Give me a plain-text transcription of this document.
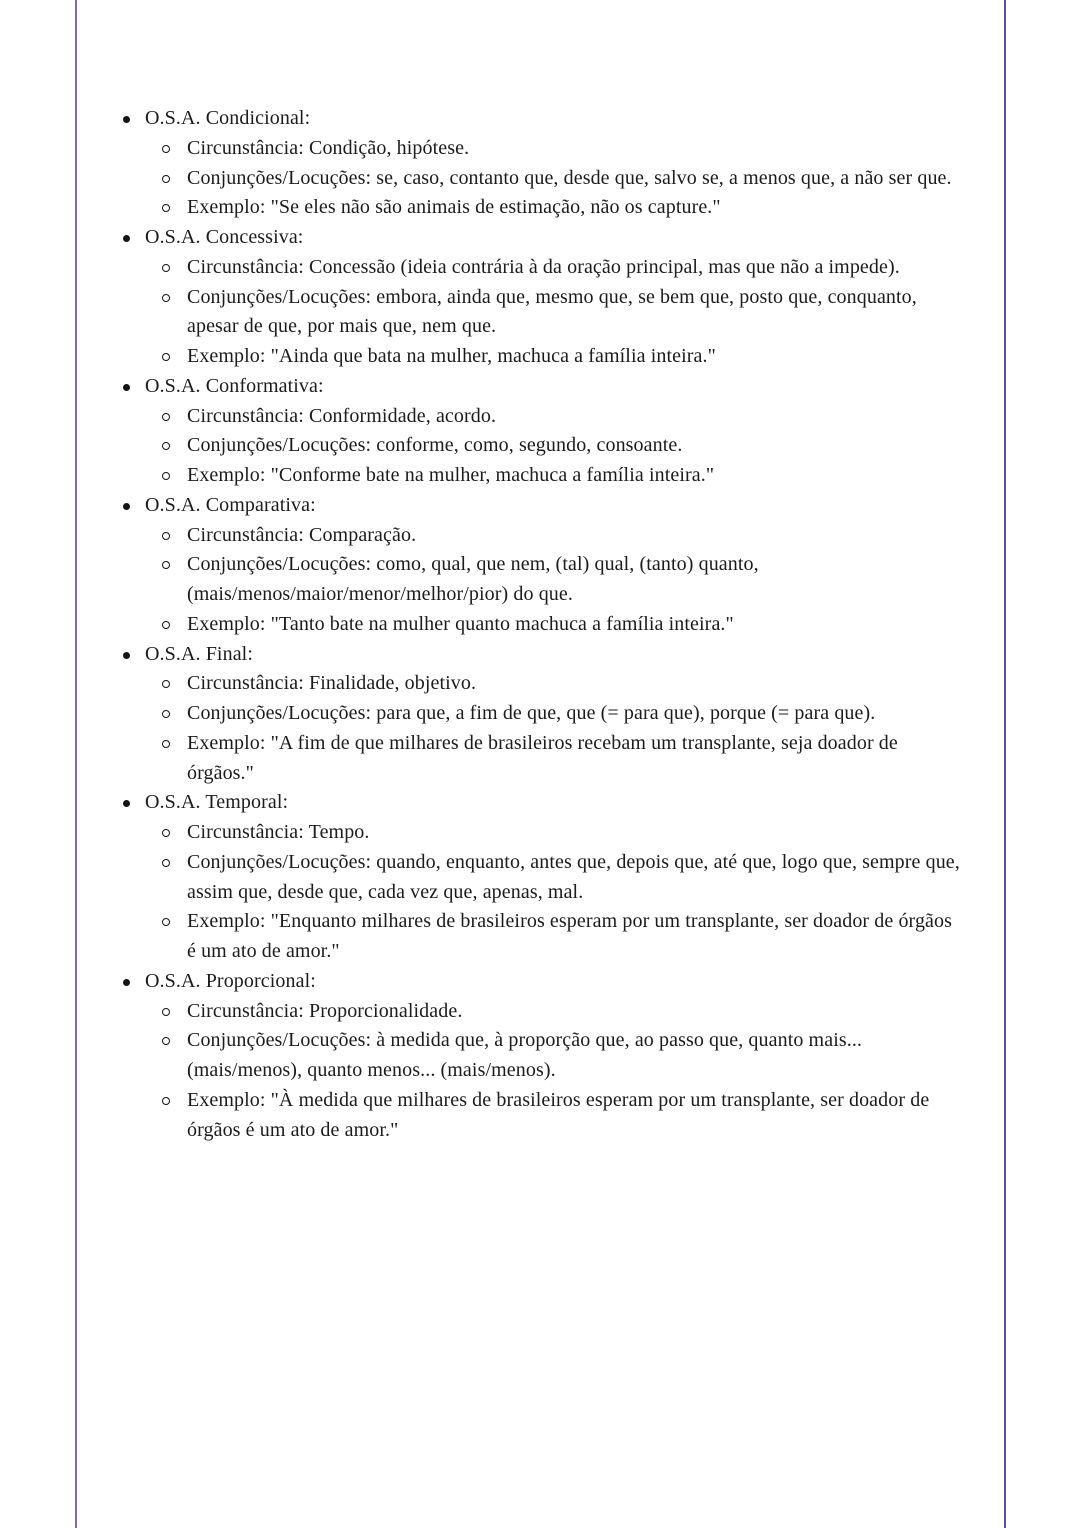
O.S.A. Condicional:
Circunstância: Condição, hipótese.
Conjunções/Locuções: se, caso, contanto que, desde que, salvo se, a menos que, a não ser que.
Exemplo: "Se eles não são animais de estimação, não os capture."
O.S.A. Concessiva:
Circunstância: Concessão (ideia contrária à da oração principal, mas que não a impede).
Conjunções/Locuções: embora, ainda que, mesmo que, se bem que, posto que, conquanto, apesar de que, por mais que, nem que.
Exemplo: "Ainda que bata na mulher, machuca a família inteira."
O.S.A. Conformativa:
Circunstância: Conformidade, acordo.
Conjunções/Locuções: conforme, como, segundo, consoante.
Exemplo: "Conforme bate na mulher, machuca a família inteira."
O.S.A. Comparativa:
Circunstância: Comparação.
Conjunções/Locuções: como, qual, que nem, (tal) qual, (tanto) quanto, (mais/menos/maior/menor/melhor/pior) do que.
Exemplo: "Tanto bate na mulher quanto machuca a família inteira."
O.S.A. Final:
Circunstância: Finalidade, objetivo.
Conjunções/Locuções: para que, a fim de que, que (= para que), porque (= para que).
Exemplo: "A fim de que milhares de brasileiros recebam um transplante, seja doador de órgãos."
O.S.A. Temporal:
Circunstância: Tempo.
Conjunções/Locuções: quando, enquanto, antes que, depois que, até que, logo que, sempre que, assim que, desde que, cada vez que, apenas, mal.
Exemplo: "Enquanto milhares de brasileiros esperam por um transplante, ser doador de órgãos é um ato de amor."
O.S.A. Proporcional:
Circunstância: Proporcionalidade.
Conjunções/Locuções: à medida que, à proporção que, ao passo que, quanto mais... (mais/menos), quanto menos... (mais/menos).
Exemplo: "À medida que milhares de brasileiros esperam por um transplante, ser doador de órgãos é um ato de amor."
